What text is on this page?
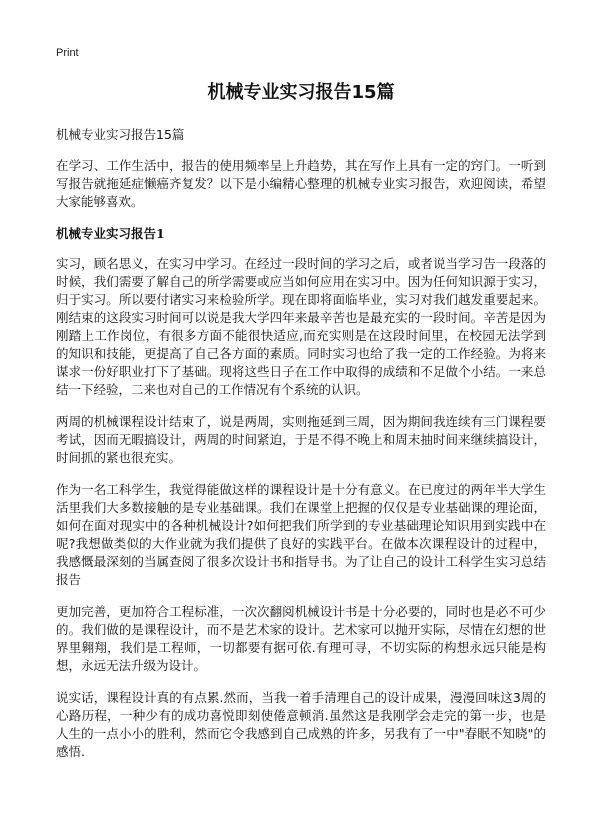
Print
机械专业实习报告15篇
机械专业实习报告15篇

在学习、工作生活中，报告的使用频率呈上升趋势，其在写作上具有一定的窍门。一听到写报告就拖延症懒癌齐复发？以下是小编精心整理的机械专业实习报告，欢迎阅读，希望大家能够喜欢。

机械专业实习报告1

实习，顾名思义，在实习中学习。在经过一段时间的学习之后，或者说当学习告一段落的时候，我们需要了解自己的所学需要或应当如何应用在实习中。因为任何知识源于实习，归于实习。所以要付诸实习来检验所学。现在即将面临毕业，实习对我们越发重要起来。刚结束的这段实习时间可以说是我大学四年来最辛苦也是最充实的一段时间。辛苦是因为刚踏上工作岗位，有很多方面不能很快适应,而充实则是在这段时间里，在校园无法学到的知识和技能，更提高了自己各方面的素质。同时实习也给了我一定的工作经验。为将来谋求一份好职业打下了基础。现将这些日子在工作中取得的成绩和不足做个小结。一来总结一下经验，二来也对自己的工作情况有个系统的认识。

两周的机械课程设计结束了，说是两周，实则拖延到三周，因为期间我连续有三门课程要考试，因而无暇搞设计，两周的时间紧迫，于是不得不晚上和周末抽时间来继续搞设计，时间抓的紧也很充实。

作为一名工科学生，我觉得能做这样的课程设计是十分有意义。在已度过的两年半大学生活里我们大多数接触的是专业基础课。我们在课堂上把握的仅仅是专业基础课的理论面，如何在面对现实中的各种机械设计?如何把我们所学到的专业基础理论知识用到实践中在呢?我想做类似的大作业就为我们提供了良好的实践平台。在做本次课程设计的过程中，我感慨最深刻的当属查阅了很多次设计书和指导书。为了让自己的设计工科学生实习总结报告

更加完善，更加符合工程标准，一次次翻阅机械设计书是十分必要的，同时也是必不可少的。我们做的是课程设计，而不是艺术家的设计。艺术家可以抛开实际，尽情在幻想的世界里翱翔，我们是工程师，一切都要有据可依.有理可寻，不切实际的构想永远只能是构想，永远无法升级为设计。

说实话，课程设计真的有点累.然而，当我一着手清理自己的设计成果，漫漫回味这3周的心路历程，一种少有的成功喜悦即刻使倦意顿消.虽然这是我刚学会走完的第一步，也是人生的一点小小的胜利，然而它令我感到自己成熟的许多，另我有了一中"春眠不知晓"的感悟.
